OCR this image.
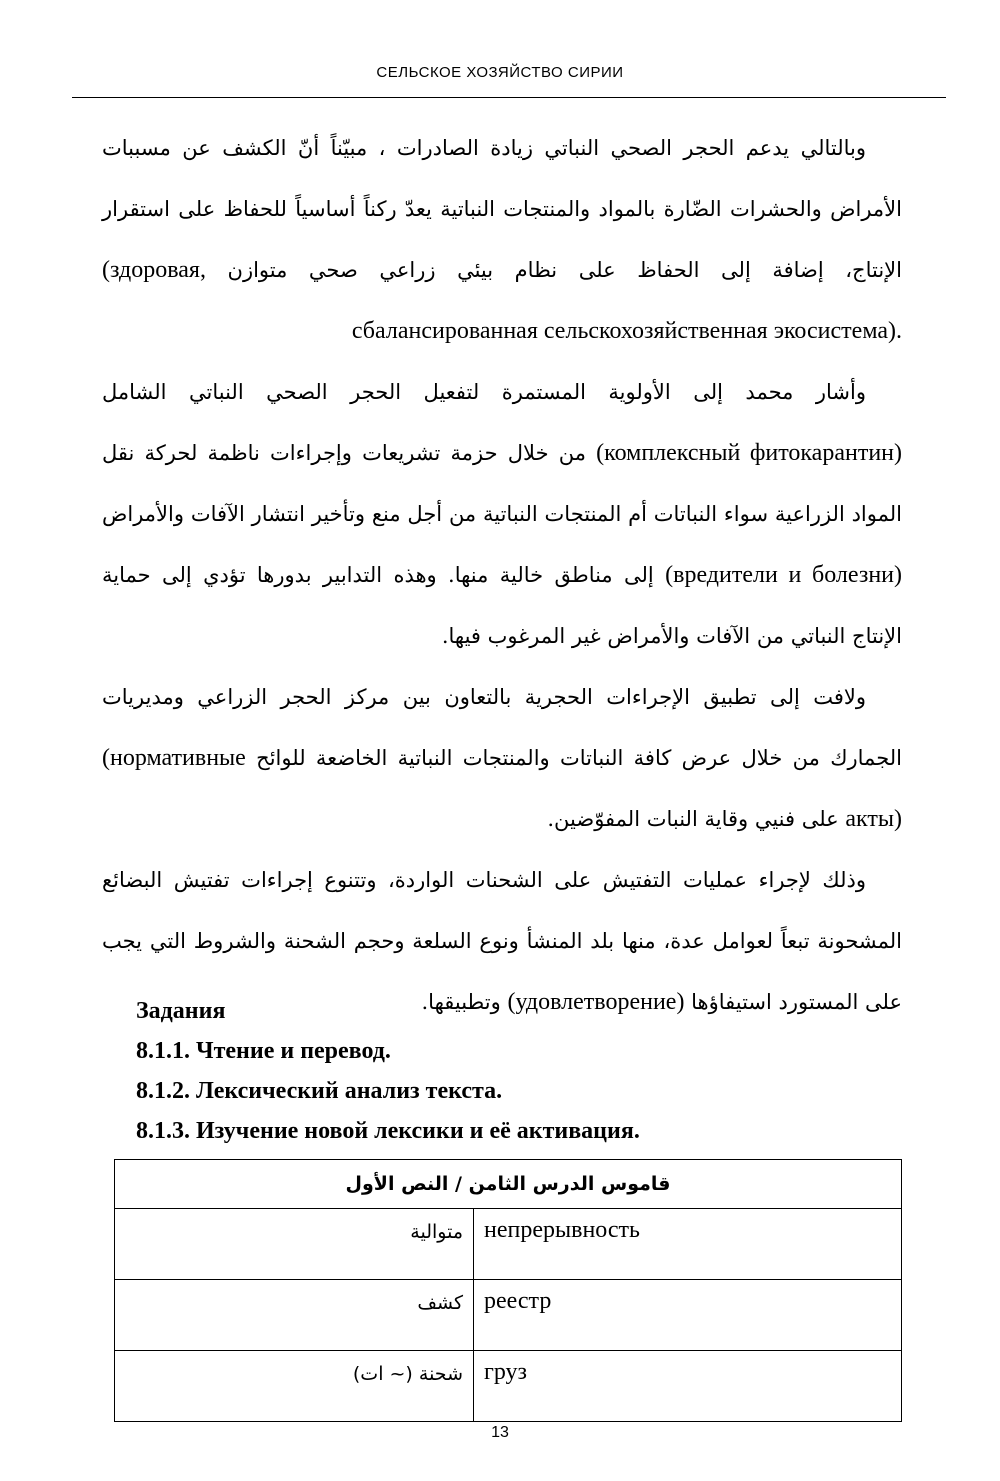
СЕЛЬСКОЕ ХОЗЯЙСТВО СИРИИ

وبالتالي يدعم الحجر الصحي النباتي زيادة الصادرات ، مبيّناً أنّ الكشف عن مسببات الأمراض والحشرات الضّارة بالمواد والمنتجات النباتية يعدّ ركناً أساسياً للحفاظ على استقرار الإنتاج، إضافة إلى الحفاظ على نظام بيئي زراعي صحي متوازن (здоровая, сбалансированная сельскохозяйственная экосистема).

وأشار محمد إلى الأولوية المستمرة لتفعيل الحجر الصحي النباتي الشامل (комплексный фитокарантин) من خلال حزمة تشريعات وإجراءات ناظمة لحركة نقل المواد الزراعية سواء النباتات أم المنتجات النباتية من أجل منع وتأخير انتشار الآفات والأمراض (вредители и болезни) إلى مناطق خالية منها. وهذه التدابير بدورها تؤدي إلى حماية الإنتاج النباتي من الآفات والأمراض غير المرغوب فيها.

ولافت إلى تطبيق الإجراءات الحجرية بالتعاون بين مركز الحجر الزراعي ومديريات الجمارك من خلال عرض كافة النباتات والمنتجات النباتية الخاضعة للوائح (нормативные акты) على فنيي وقاية النبات المفوّضين.

وذلك لإجراء عمليات التفتيش على الشحنات الواردة، وتتنوع إجراءات تفتيش البضائع المشحونة تبعاً لعوامل عدة، منها بلد المنشأ ونوع السلعة وحجم الشحنة والشروط التي يجب على المستورد استيفاؤها (удовлетворение) وتطبيقها.

Задания
8.1.1. Чтение и перевод.
8.1.2. Лексический анализ текста.
8.1.3. Изучение новой лексики и её активация.
قاموس الدرس الثامن / النص الأول	
متوالية	непрерывность
كشف	реестр
شحنة (~ ات)	груз
13
